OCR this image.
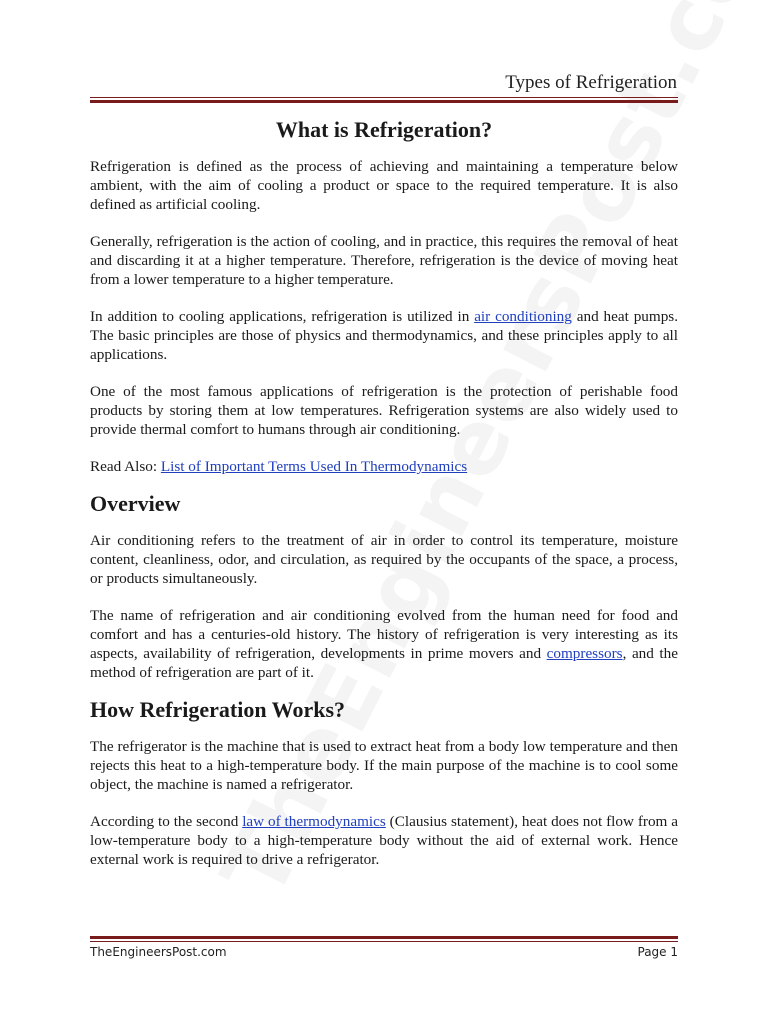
Types of Refrigeration
What is Refrigeration?

Refrigeration is defined as the process of achieving and maintaining a temperature below ambient, with the aim of cooling a product or space to the required temperature. It is also defined as artificial cooling.

Generally, refrigeration is the action of cooling, and in practice, this requires the removal of heat and discarding it at a higher temperature. Therefore, refrigeration is the device of moving heat from a lower temperature to a higher temperature.

In addition to cooling applications, refrigeration is utilized in air conditioning and heat pumps. The basic principles are those of physics and thermodynamics, and these principles apply to all applications.

One of the most famous applications of refrigeration is the protection of perishable food products by storing them at low temperatures. Refrigeration systems are also widely used to provide thermal comfort to humans through air conditioning.

Read Also: List of Important Terms Used In Thermodynamics

Overview

Air conditioning refers to the treatment of air in order to control its temperature, moisture content, cleanliness, odor, and circulation, as required by the occupants of the space, a process, or products simultaneously.

The name of refrigeration and air conditioning evolved from the human need for food and comfort and has a centuries-old history. The history of refrigeration is very interesting as its aspects, availability of refrigeration, developments in prime movers and compressors, and the method of refrigeration are part of it.

How Refrigeration Works?

The refrigerator is the machine that is used to extract heat from a body low temperature and then rejects this heat to a high-temperature body. If the main purpose of the machine is to cool some object, the machine is named a refrigerator.

According to the second law of thermodynamics (Clausius statement), heat does not flow from a low-temperature body to a high-temperature body without the aid of external work. Hence external work is required to drive a refrigerator.

TheEngineersPost.com	Page 1
